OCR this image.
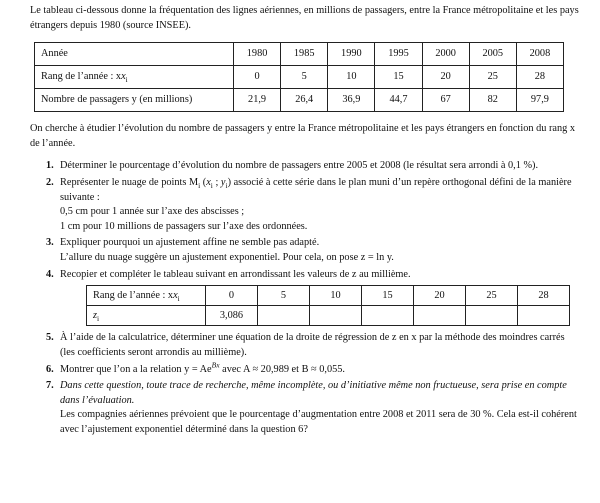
Le tableau ci-dessous donne la fréquentation des lignes aériennes, en millions de passagers, entre la France métropolitaine et les pays étrangers depuis 1980 (source INSEE).

Année	1980	1985	1990	1995	2000	2005	2008
Rang de l’année : $xx_i$	0	5	10	15	20	25	28
Nombre de passagers y (en millions)	21,9	26,4	36,9	44,7	67	82	97,9

On cherche à étudier l’évolution du nombre de passagers y entre la France métropolitaine et les pays étrangers en fonction du rang x de l’année.

1. Déterminer le pourcentage d’évolution du nombre de passagers entre 2005 et 2008 (le résultat sera arrondi à 0,1 %).
2. Représenter le nuage de points $M_i$ ($x_i$ ; $y_i$) associé à cette série dans le plan muni d’un repère orthogonal défini de la manière suivante :
0,5 cm pour 1 année sur l’axe des abscisses ;
1 cm pour 10 millions de passagers sur l’axe des ordonnées.
3. Expliquer pourquoi un ajustement affine ne semble pas adapté.
L’allure du nuage suggère un ajustement exponentiel. Pour cela, on pose z = ln y.
4. Recopier et compléter le tableau suivant en arrondissant les valeurs de z au millième.
Rang de l’année : $xx_i$	0	5	10	15	20	25	28
$z_i$	3,086						
5. À l’aide de la calculatrice, déterminer une équation de la droite de régression de z en x par la méthode des moindres carrés (les coefficients seront arrondis au millième).
6. Montrer que l’on a la relation $y = Ae^{Bx}$ avec A ≈ 20,989 et B ≈ 0,055.
7. Dans cette question, toute trace de recherche, même incomplète, ou d’initiative même non fructueuse, sera prise en compte dans l’évaluation.
Les compagnies aériennes prévoient que le pourcentage d’augmentation entre 2008 et 2011 sera de 30 %. Cela est-il cohérent avec l’ajustement exponentiel déterminé dans la question 6?
